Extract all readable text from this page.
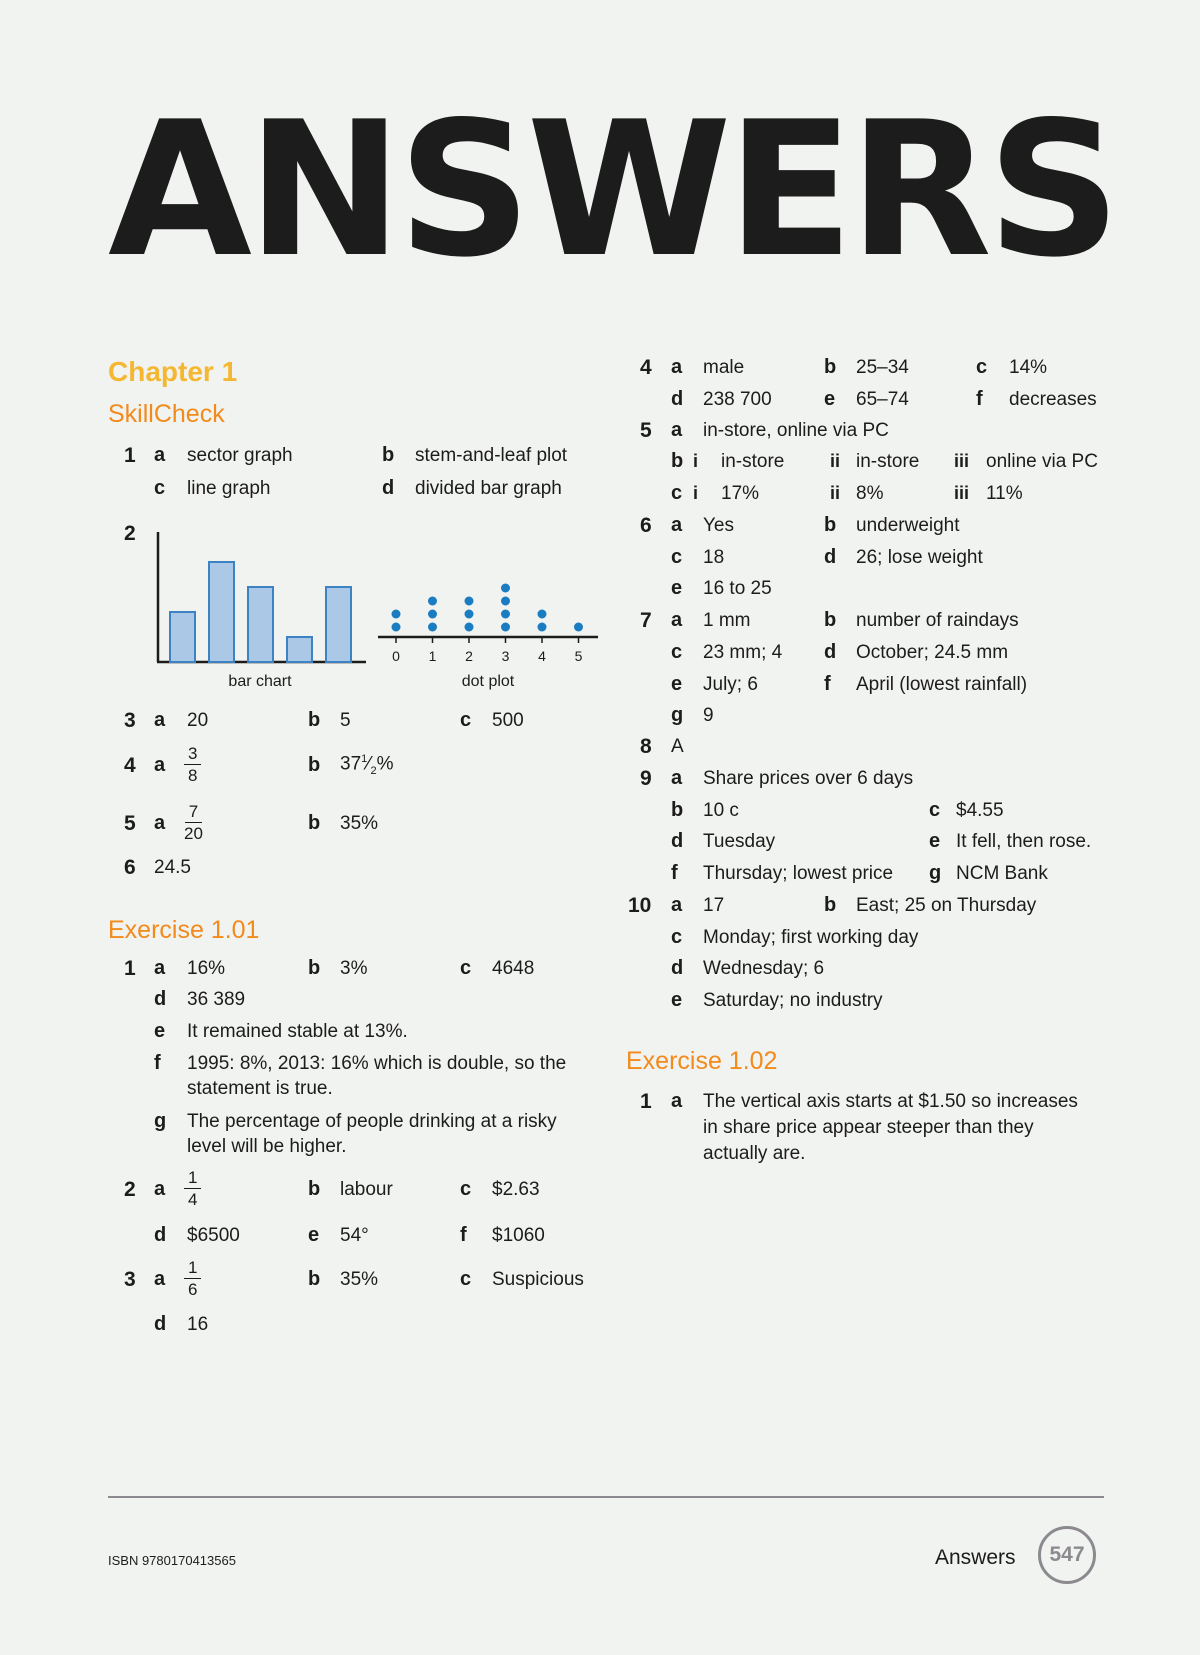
ANSWERS
Chapter 1
SkillCheck
1 a sector graph	b stem-and-leaf plot
c line graph	d divided bar graph
2
0 1 2 3 4 5
bar chart	dot plot
3 a 20	b 5	c 500
4 a $\frac{3}{8}$	b $37^1⁄_2\%$
5 a $\frac{7}{20}$	b 35%
6 24.5
Exercise 1.01
1 a 16%	b 3%	c 4648
d 36 389
e It remained stable at 13%.
f 1995: 8%, 2013: 16% which is double, so the
statement is true.
g The percentage of people drinking at a risky
level will be higher.
2 a $\frac{1}{4}$	b labour	c $2.63
d $6500	e 54°	f $1060
3 a $\frac{1}{6}$	b 35%	c Suspicious
d 16
4 a male	b 25–34	c 14%
d 238 700	e 65–74	f decreases
5 a in-store, online via PC
b i in-store	ii in-store iii online via PC
c i 17%	ii 8%	iii 11%
6 a Yes	b underweight
c 18	d 26; lose weight
e 16 to 25
7 a 1 mm	b number of raindays
c 23 mm; 4 d October; 24.5 mm
e July; 6	f April (lowest rainfall)
g 9
8 A
9 a Share prices over 6 days
b 10 c	c $4.55
d Tuesday	e It fell, then rose.
f Thursday; lowest price g NCM Bank
10 a 17	b East; 25 on Thursday
c Monday; first working day
d Wednesday; 6
e Saturday; no industry
Exercise 1.02
1 a The vertical axis starts at $1.50 so increases
in share price appear steeper than they
actually are.
ISBN 9780170413565	Answers	547
